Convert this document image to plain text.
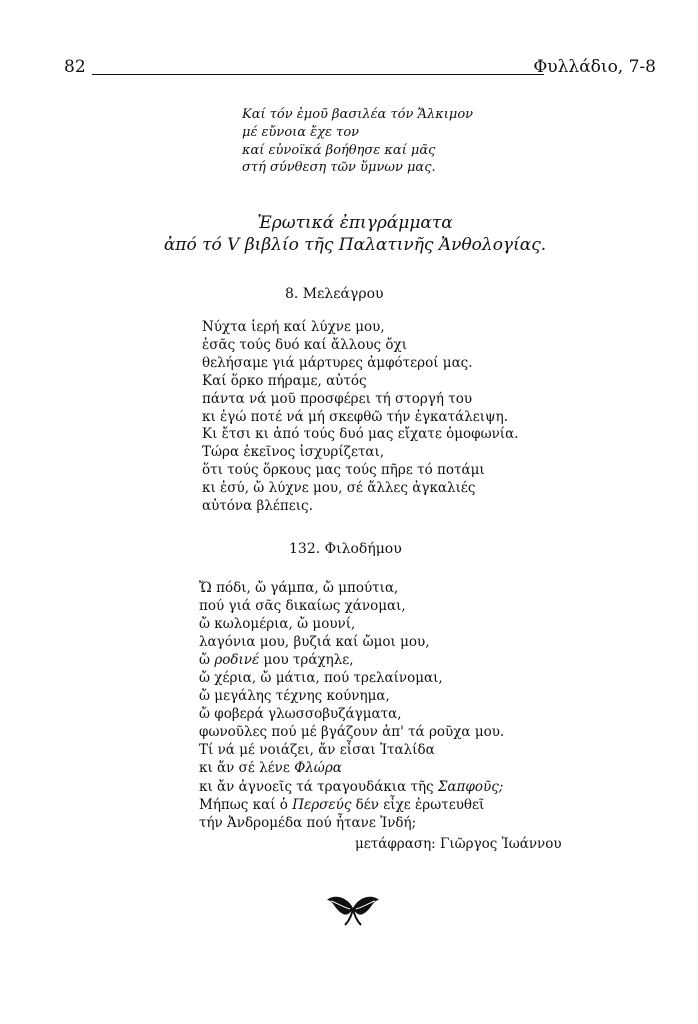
82	Φυλλάδιο, 7-8
Καί τόν ἐμοῦ βασιλέα τόν Ἄλκιμον
μέ εὔνοια ἔχε τον
καί εὐνοϊκά βοήθησε καί μᾶς
στή σύνθεση τῶν ὕμνων μας.
Ἐρωτικά ἐπιγράμματα
ἀπό τό V βιβλίο τῆς Παλατινῆς Ἀνθολογίας.
8. Μελεάγρου
Νύχτα ἱερή καί λύχνε μου,
ἐσᾶς τούς δυό καί ἄλλους ὄχι
θελήσαμε γιά μάρτυρες ἀμφότεροί μας.
Καί ὅρκο πήραμε, αὐτός
πάντα νά μοῦ προσφέρει τή στοργή του
κι ἐγώ ποτέ νά μή σκεφθῶ τήν ἐγκατάλειψη.
Κι ἔτσι κι ἀπό τούς δυό μας εἴχατε ὁμοφωνία.
Τώρα ἐκεῖνος ἰσχυρίζεται,
ὅτι τούς ὅρκους μας τούς πῆρε τό ποτάμι
κι ἐσύ, ὤ λύχνε μου, σέ ἄλλες ἀγκαλιές
αὐτόνα βλέπεις.
132. Φιλοδήμου
Ὤ πόδι, ὤ γάμπα, ὤ μπούτια,
πού γιά σᾶς δικαίως χάνομαι,
ὤ κωλομέρια, ὤ μουνί,
λαγόνια μου, βυζιά καί ὤμοι μου,
ὤ ροδινέ μου τράχηλε,
ὤ χέρια, ὤ μάτια, πού τρελαίνομαι,
ὤ μεγάλης τέχνης κούνημα,
ὤ φοβερά γλωσσοβυζάγματα,
φωνοῦλες πού μέ βγάζουν ἀπ' τά ροῦχα μου.
Τί νά μέ νοιάζει, ἄν εἶσαι Ἰταλίδα
κι ἄν σέ λένε Φλώρα
κι ἄν ἀγνοεῖς τά τραγουδάκια τῆς Σαπφοῦς;
Μήπως καί ὁ Περσεύς δέν εἶχε ἐρωτευθεῖ
τήν Ἀνδρομέδα πού ἦτανε Ἰνδή;
μετάφραση: Γιῶργος Ἰωάννου
